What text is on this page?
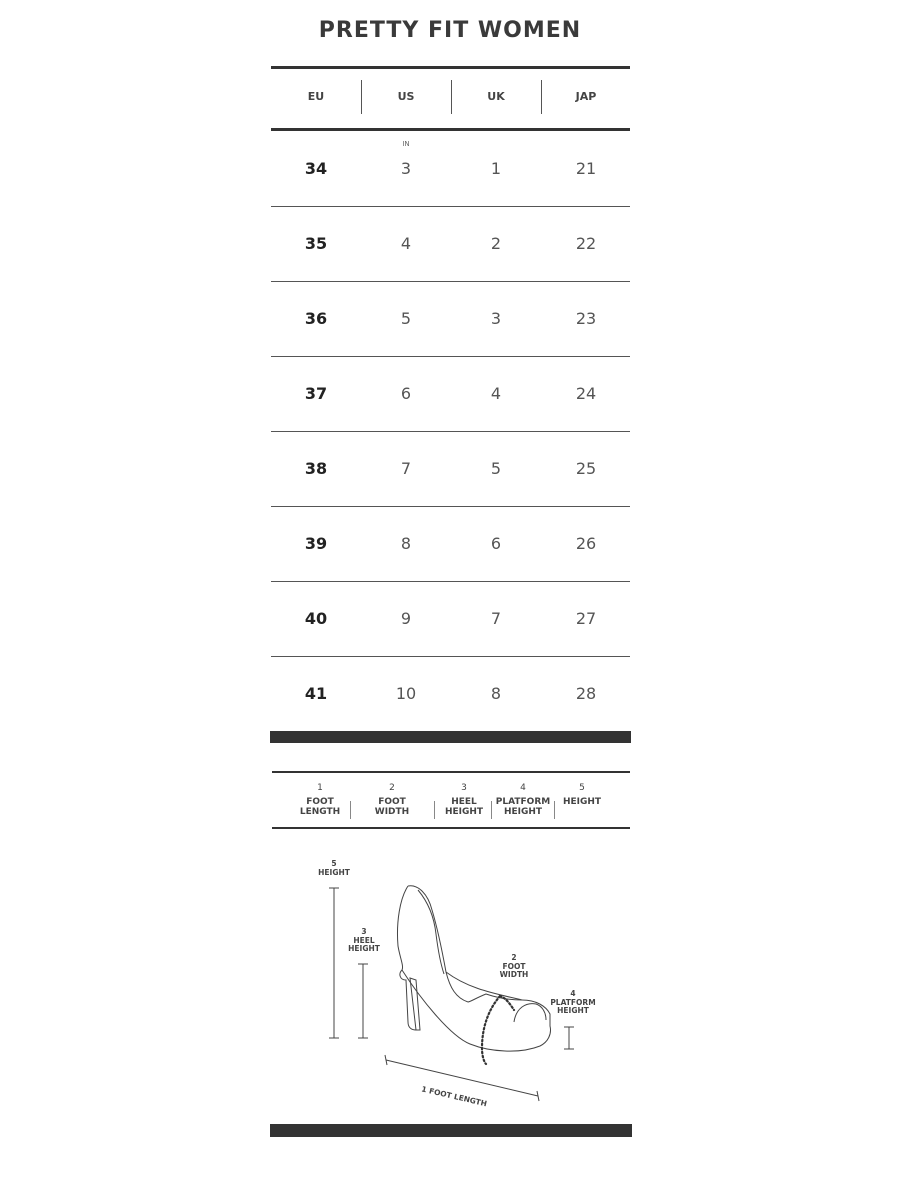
PRETTY FIT WOMEN
EU	US	UK	JAP
IN
34	3	1	21
35	4	2	22
36	5	3	23
37	6	4	24
38	7	5	25
39	8	6	26
40	9	7	27
41	10	8	28
1
FOOT
LENGTH
2
FOOT
WIDTH
3
HEEL
HEIGHT
4
PLATFORM
HEIGHT
5
HEIGHT

5
HEIGHT
3
HEEL
HEIGHT
2
FOOT
WIDTH
4
PLATFORM
HEIGHT
1 FOOT LENGTH
